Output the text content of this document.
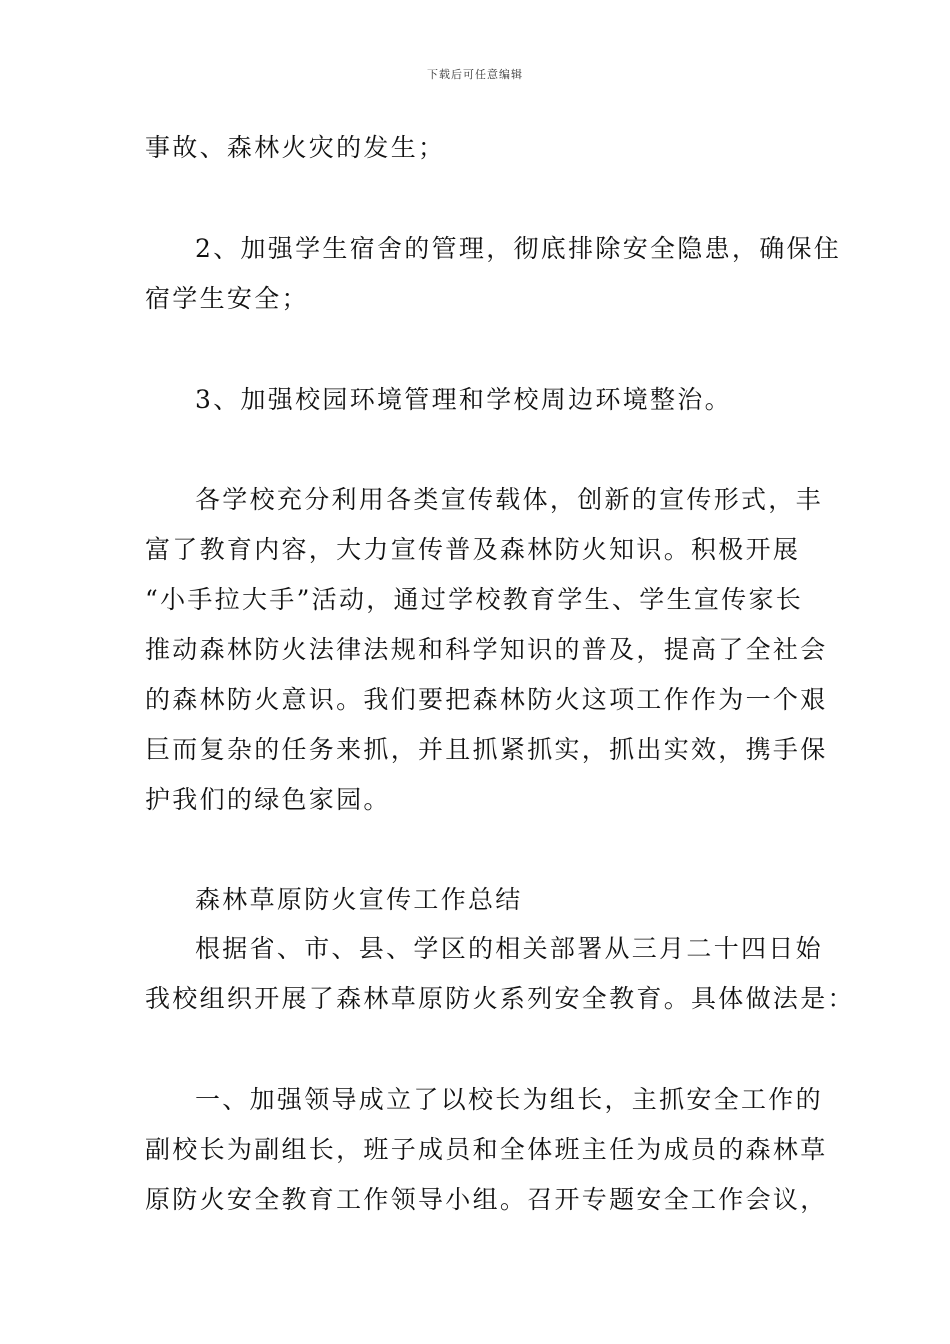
下载后可任意编辑
事故、森林火灾的发生；
2、加强学生宿舍的管理，彻底排除安全隐患，确保住
宿学生安全；
3、加强校园环境管理和学校周边环境整治。
各学校充分利用各类宣传载体，创新的宣传形式，丰
富了教育内容，大力宣传普及森林防火知识。积极开展
“小手拉大手”活动，通过学校教育学生、学生宣传家长
推动森林防火法律法规和科学知识的普及，提高了全社会
的森林防火意识。我们要把森林防火这项工作作为一个艰
巨而复杂的任务来抓，并且抓紧抓实，抓出实效，携手保
护我们的绿色家园。
森林草原防火宣传工作总结
根据省、市、县、学区的相关部署从三月二十四日始
我校组织开展了森林草原防火系列安全教育。具体做法是：
一、加强领导成立了以校长为组长，主抓安全工作的
副校长为副组长，班子成员和全体班主任为成员的森林草
原防火安全教育工作领导小组。召开专题安全工作会议，
